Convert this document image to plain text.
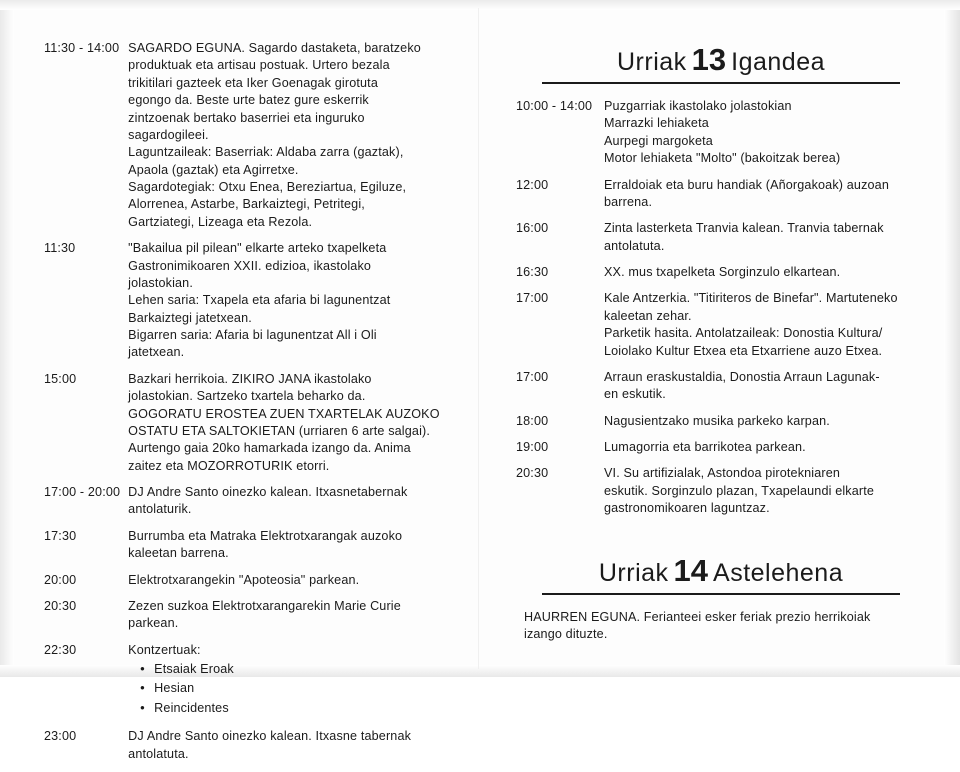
11:30 - 14:00	SAGARDO EGUNA. Sagardo dastaketa, baratzeko

produktuak eta artisau postuak. Urtero bezala

trikitilari gazteek eta Iker Goenagak girotuta

egongo da. Beste urte batez gure eskerrik

zintzoenak bertako baserriei eta inguruko

sagardogileei.

Laguntzaileak: Baserriak: Aldaba zarra (gaztak),

Apaola (gaztak) eta Agirretxe.

Sagardotegiak: Otxu Enea, Bereziartua, Egiluze,

Alorrenea, Astarbe, Barkaiztegi, Petritegi,

Gartziategi, Lizeaga eta Rezola.

11:30	"Bakailua pil pilean" elkarte arteko txapelketa

Gastronimikoaren XXII. edizioa, ikastolako

jolastokian.

Lehen saria: Txapela eta afaria bi lagunentzat

Barkaiztegi jatetxean.

Bigarren saria: Afaria bi lagunentzat All i Oli

jatetxean.

15:00	Bazkari herrikoia. ZIKIRO JANA ikastolako

jolastokian. Sartzeko txartela beharko da.

GOGORATU EROSTEA ZUEN TXARTELAK AUZOKO

OSTATU ETA SALTOKIETAN (urriaren 6 arte salgai).

Aurtengo gaia 20ko hamarkada izango da. Anima

zaitez eta MOZORROTURIK etorri.

17:00 - 20:00	DJ Andre Santo oinezko kalean. Itxasnetabernak

antolaturik.

17:30	Burrumba eta Matraka Elektrotxarangak auzoko

kaleetan barrena.

20:00	Elektrotxarangekin "Apoteosia" parkean.

20:30	Zezen suzkoa Elektrotxarangarekin Marie Curie

parkean.

22:30	Kontzertuak:

• Etsaiak Eroak
• Hesian
• Reincidentes

23:00	DJ Andre Santo oinezko kalean. Itxasne tabernak

antolatuta.

Urriak 13 Igandea
10:00 - 14:00	Puzgarriak ikastolako jolastokian

Marrazki lehiaketa

Aurpegi margoketa

Motor lehiaketa "Molto" (bakoitzak berea)

12:00	Erraldoiak eta buru handiak (Añorgakoak) auzoan

barrena.

16:00	Zinta lasterketa Tranvia kalean. Tranvia tabernak

antolatuta.

16:30	XX. mus txapelketa Sorginzulo elkartean.

17:00	Kale Antzerkia. "Titiriteros de Binefar". Martuteneko

kaleetan zehar.

Parketik hasita. Antolatzaileak: Donostia Kultura/

Loiolako Kultur Etxea eta Etxarriene auzo Etxea.

17:00	Arraun eraskustaldia, Donostia Arraun Lagunak-

en eskutik.

18:00	Nagusientzako musika parkeko karpan.

19:00	Lumagorria eta barrikotea parkean.

20:30	VI. Su artifizialak, Astondoa pirotekniaren

eskutik. Sorginzulo plazan, Txapelaundi elkarte

gastronomikoaren laguntzaz.

Urriak 14 Astelehena

HAURREN EGUNA. Ferianteei esker feriak prezio herrikoiak

izango dituzte.
